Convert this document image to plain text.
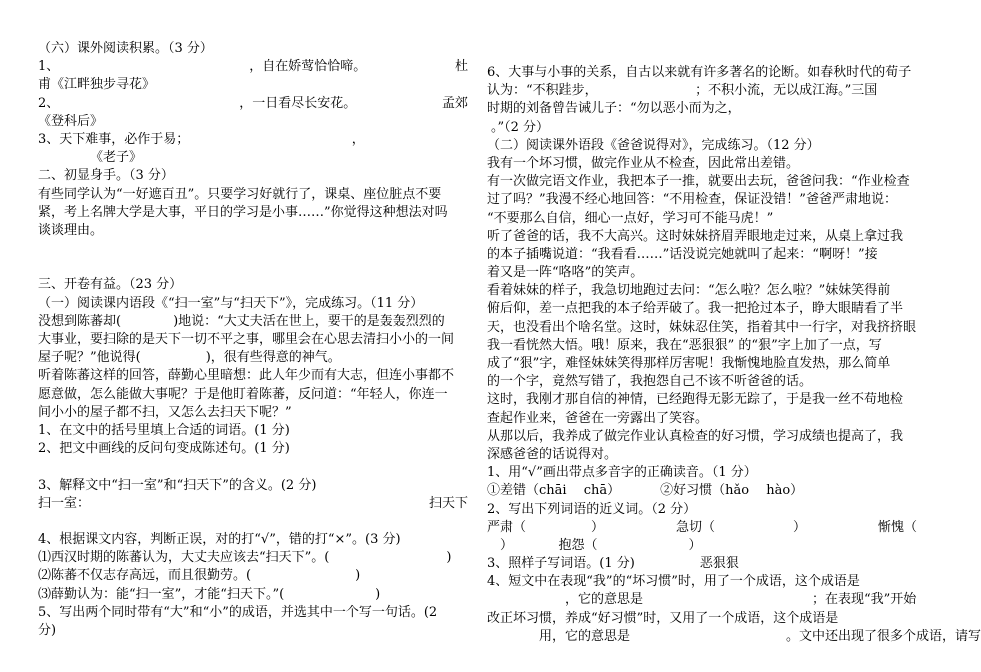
（六）课外阅读积累。（3 分）
1、	，自在娇莺恰恰啼。	杜
甫《江畔独步寻花》
2、	，一日看尽长安花。	孟郊
《登科后》
3、天下难事，必作于易；　　　　　　　　　　　　　，
《老子》
二、初显身手。（3 分）
有些同学认为“一好遮百丑”。只要学习好就行了，课桌、座位脏点不要
紧，考上名牌大学是大事，平日的学习是小事……”你觉得这种想法对吗
谈谈理由。
三、开卷有益。（23 分）
（一）阅读课内语段《“扫一室”与“扫天下”》，完成练习。（11 分）
没想到陈蕃却(　　　　)地说：“大丈夫活在世上，要干的是轰轰烈烈的
大事业，要扫除的是天下一切不平之事，哪里会在心思去清扫小小的一间
屋子呢？”他说得(　　　　　)，很有些得意的神气。
听着陈蕃这样的回答，薛勤心里暗想：此人年少而有大志，但连小事都不
愿意做，怎么能做大事呢？于是他盯着陈蕃，反问道：“年轻人，你连一
间小小的屋子都不扫，又怎么去扫天下呢？”
1、在文中的括号里填上合适的词语。(1 分)
2、把文中画线的反问句变成陈述句。(1 分)
3、解释文中“扫一室”和“扫天下”的含义。(2 分)
扫一室：	扫天下
4、根据课文内容，判断正误，对的打“√”，错的打“×”。(3 分)
⑴西汉时期的陈蕃认为，大丈夫应该去“扫天下”。(　　　　　　　　　)
⑵陈蕃不仅志存高远，而且很勤劳。(　　　　　　　　)
⑶薛勤认为：能“扫一室”，才能“扫天下。”(　　　　　　　)
5、写出两个同时带有“大”和“小”的成语，并选其中一个写一句话。(2
分)
6、大事与小事的关系，自古以来就有许多著名的论断。如春秋时代的荀子
认为：“不积跬步，　　　　　　　　；不积小流，无以成江海。”三国
时期的刘备曾告诫儿子：“勿以恶小而为之，　　　　　　　　　　　
。”（2 分）
（二）阅读课外语段《爸爸说得对》，完成练习。（12 分）
我有一个坏习惯，做完作业从不检查，因此常出差错。
有一次做完语文作业，我把本子一推，就要出去玩，爸爸问我：“作业检查
过了吗？”我漫不经心地回答：“不用检查，保证没错！”爸爸严肃地说：
“不要那么自信，细心一点好，学习可不能马虎！”
听了爸爸的话，我不大高兴。这时妹妹挤眉弄眼地走过来，从桌上拿过我
的本子插嘴说道：“我看看……”话没说完她就叫了起来：“啊呀！”接
着又是一阵“咯咯”的笑声。
看着妹妹的样子，我急切地跑过去问：“怎么啦？怎么啦？”妹妹笑得前
俯后仰，差一点把我的本子给弄破了。我一把抢过本子，睁大眼睛看了半
天，也没看出个啥名堂。这时，妹妹忍住笑，指着其中一行字，对我挤挤眼
我一看恍然大悟。哦！原来，我在“恶狠狠” 的“狠”字上加了一点，写
成了“狠”字，难怪妹妹笑得那样厉害呢！我惭愧地脸直发热，那么简单
的一个字，竟然写错了，我抱怨自己不该不听爸爸的话。
这时，我刚才那自信的神情，已经跑得无影无踪了，于是我一丝不苟地检
查起作业来，爸爸在一旁露出了笑容。
从那以后，我养成了做完作业认真检查的好习惯，学习成绩也提高了，我
深感爸爸的话说得对。
1、用“√”画出带点多音字的正确读音。（1 分）
①差错（chāi　 chā）	②好习惯（hǎo　 hào）
2、写出下列词语的近义词。（2 分）
严肃（　　　　　）	急切（　　　　　　）	惭愧（
　）　　　　抱怨（　　　　　　　）
3、照样子写词语。(1 分)　　　　　恶狠狠
4、短文中在表现“我”的“坏习惯”时，用了一个成语，这个成语是
　　　　　　，它的意思是　　　　　　　　　　　　　；在表现“我”开始
改正坏习惯，养成“好习惯”时，又用了一个成语，这个成语是
　　　　用，它的意思是　　　　　　　　　　　　。文中还出现了很多个成语，请写
